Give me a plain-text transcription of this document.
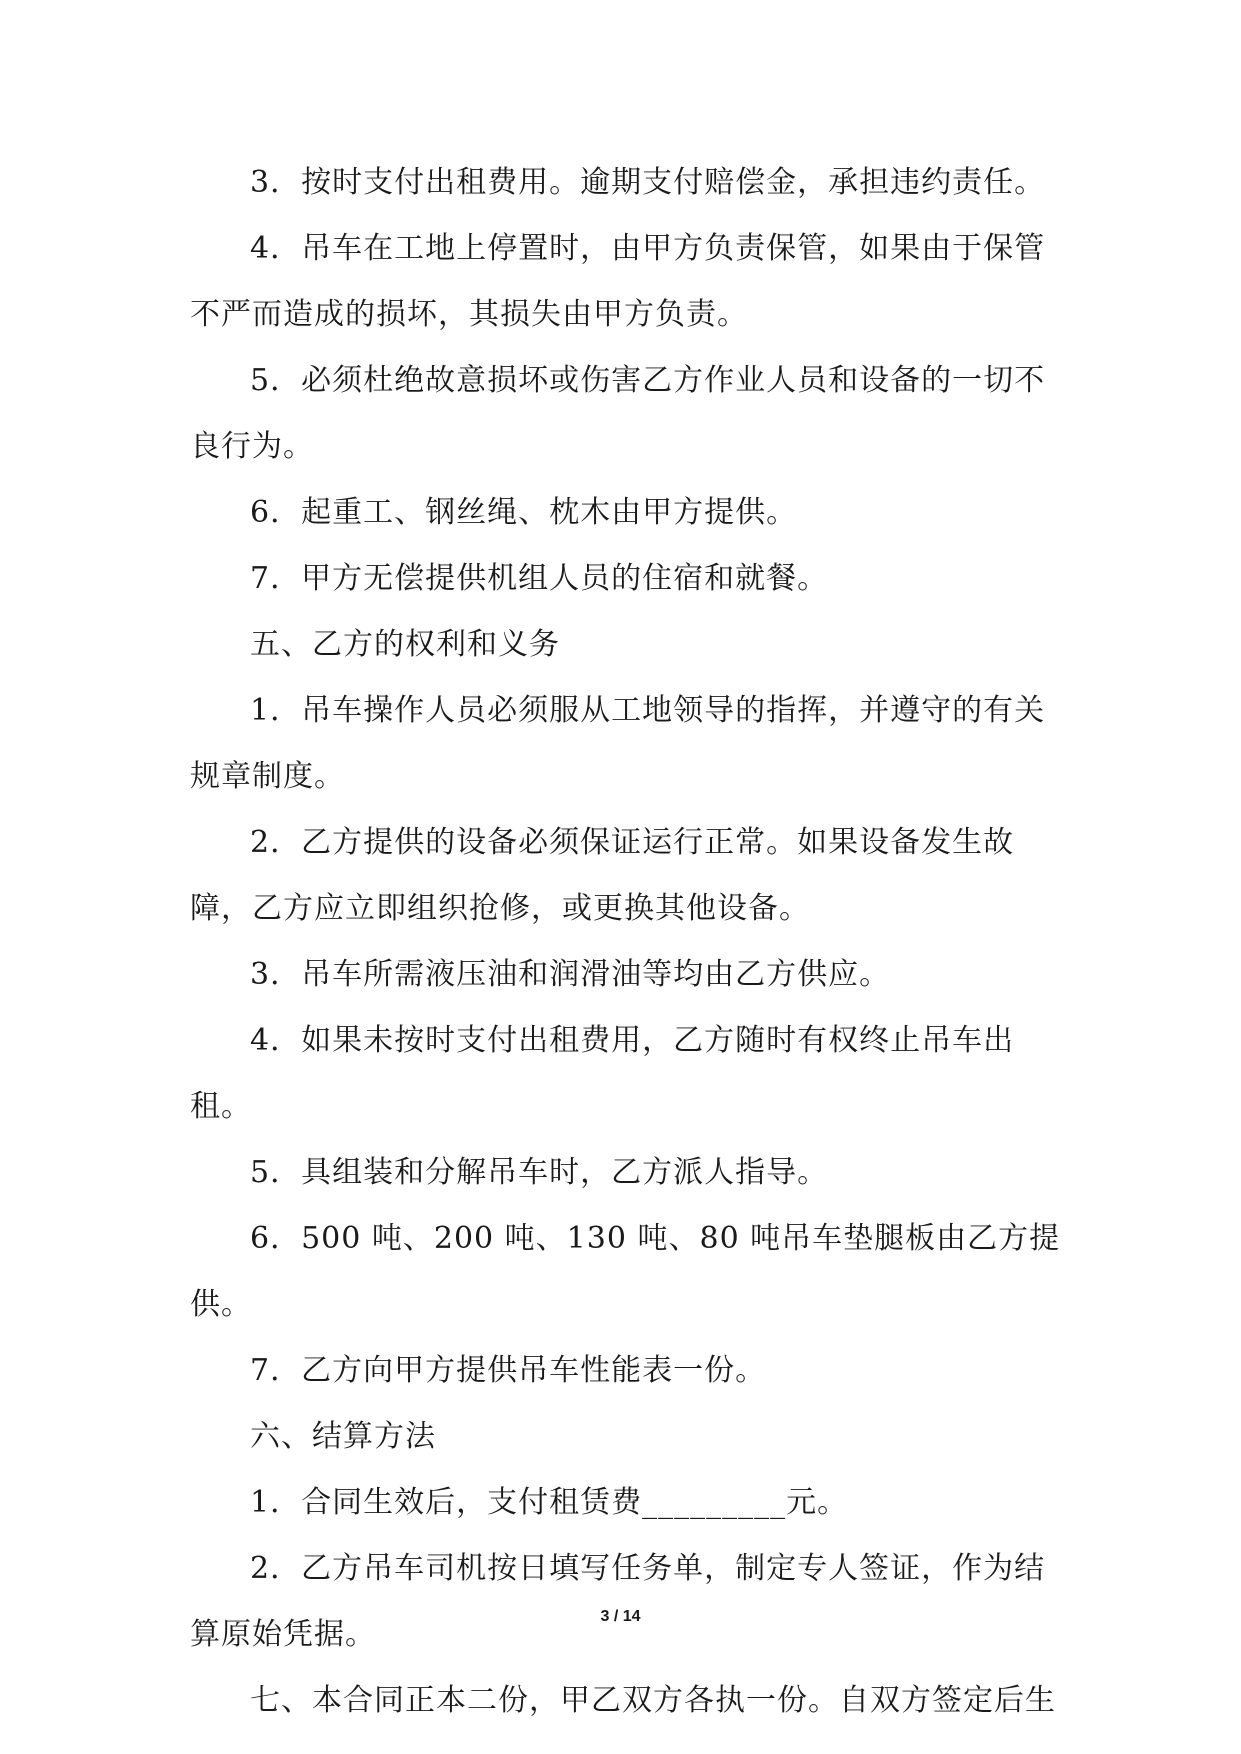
3．按时支付出租费用。逾期支付赔偿金，承担违约责任。

4．吊车在工地上停置时，由甲方负责保管，如果由于保管不严而造成的损坏，其损失由甲方负责。

5．必须杜绝故意损坏或伤害乙方作业人员和设备的一切不良行为。

6．起重工、钢丝绳、枕木由甲方提供。

7．甲方无偿提供机组人员的住宿和就餐。

五、乙方的权利和义务

1．吊车操作人员必须服从工地领导的指挥，并遵守的有关规章制度。

2．乙方提供的设备必须保证运行正常。如果设备发生故障，乙方应立即组织抢修，或更换其他设备。

3．吊车所需液压油和润滑油等均由乙方供应。

4．如果未按时支付出租费用，乙方随时有权终止吊车出租。

5．具组装和分解吊车时，乙方派人指导。

6．500 吨、200 吨、130 吨、80 吨吊车垫腿板由乙方提供。

7．乙方向甲方提供吊车性能表一份。

六、结算方法

1．合同生效后，支付租赁费_________元。

2．乙方吊车司机按日填写任务单，制定专人签证，作为结算原始凭据。

七、本合同正本二份，甲乙双方各执一份。自双方签定后生

3 / 14
